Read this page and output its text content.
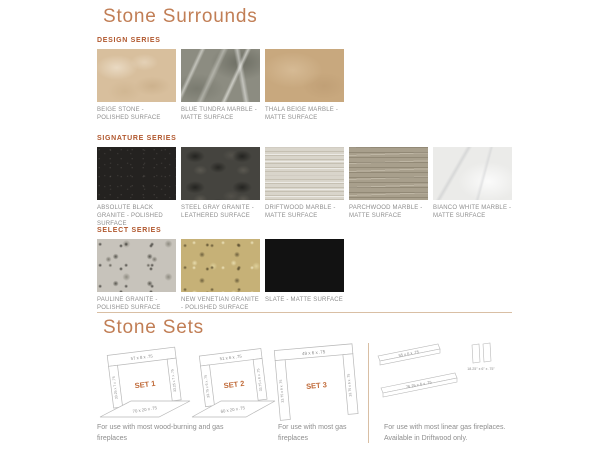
Stone Surrounds
DESIGN SERIES
BEIGE STONE - POLISHED SURFACE
BLUE TUNDRA MARBLE - MATTE SURFACE
THALA BEIGE MARBLE - MATTE SURFACE
SIGNATURE SERIES
ABSOLUTE BLACK GRANITE - POLISHED SURFACE
STEEL GRAY GRANITE - LEATHERED SURFACE
DRIFTWOOD MARBLE - MATTE SURFACE
PARCHWOOD MARBLE - MATTE SURFACE
BIANCO WHITE MARBLE - MATTE SURFACE
SELECT SERIES
PAULINE GRANITE - POLISHED SURFACE
NEW VENETIAN GRANITE - POLISHED SURFACE
SLATE - MATTE SURFACE
Stone Sets
57 x 8 x .75
33.25 x 7 x .75	33.25 x 7 x .75
SET 1
70 x 20 x .75
51 x 6 x .75
33.75 x 6 x .75	33.75 x 6 x .75
SET 2
60 x 20 x .75
49 x 6 x .75
33.75 x 6 x .75	33.75 x 6 x .75
SET 3
55 x 6 x .75
76.25 x 6 x .75
18.25" x 6" x .75"
For use with most wood-burning and gas fireplaces
For use with most gas fireplaces
For use with most linear gas fireplaces. Available in Driftwood only.
